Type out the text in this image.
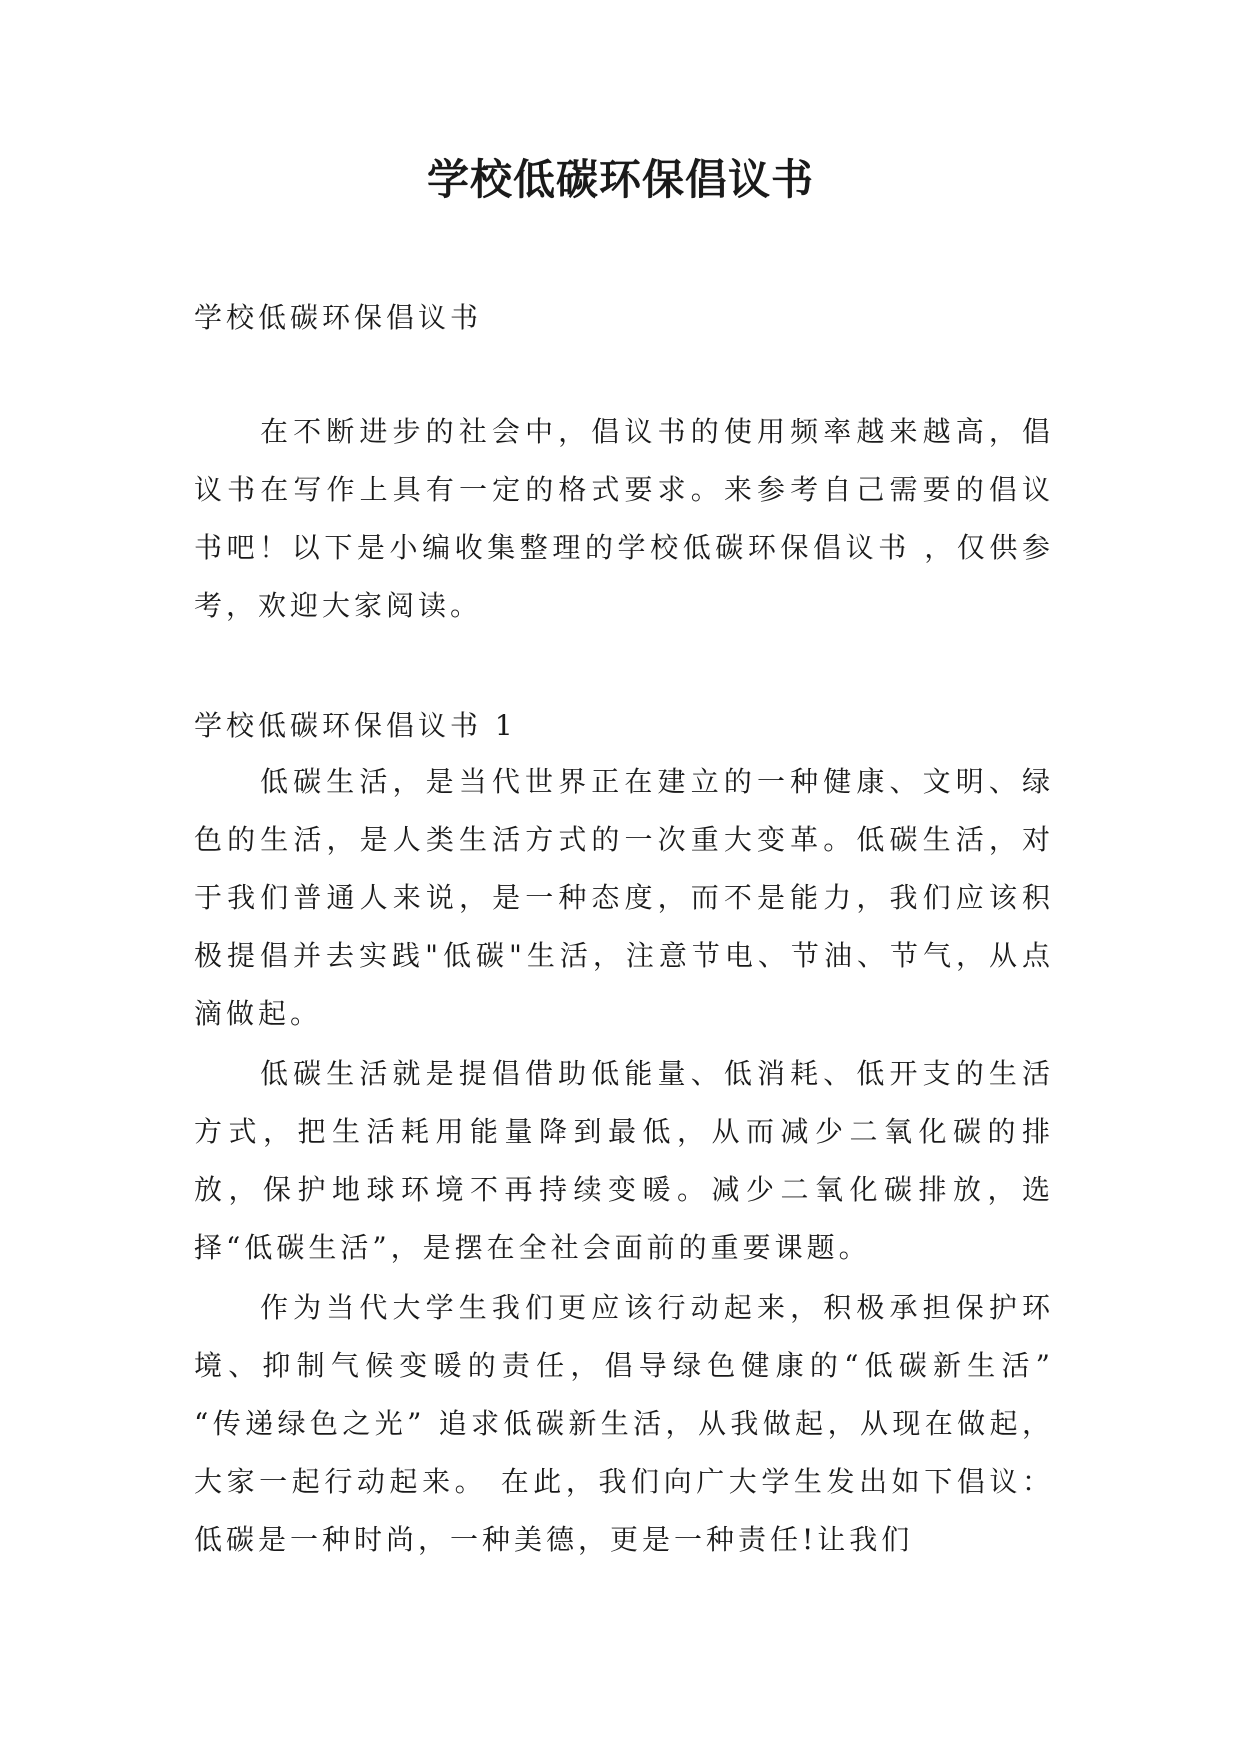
学校低碳环保倡议书

学校低碳环保倡议书

在不断进步的社会中，倡议书的使用频率越来越高，倡议书在写作上具有一定的格式要求。来参考自己需要的倡议书吧！以下是小编收集整理的学校低碳环保倡议书 ，仅供参考，欢迎大家阅读。

学校低碳环保倡议书 1

低碳生活，是当代世界正在建立的一种健康、文明、绿色的生活，是人类生活方式的一次重大变革。低碳生活，对于我们普通人来说，是一种态度，而不是能力，我们应该积极提倡并去实践"低碳"生活，注意节电、节油、节气，从点滴做起。

低碳生活就是提倡借助低能量、低消耗、低开支的生活方式，把生活耗用能量降到最低，从而减少二氧化碳的排放，保护地球环境不再持续变暖。减少二氧化碳排放，选择“低碳生活”，是摆在全社会面前的重要课题。

作为当代大学生我们更应该行动起来，积极承担保护环境、抑制气候变暖的责任，倡导绿色健康的“低碳新生活” “传递绿色之光” 追求低碳新生活，从我做起，从现在做起，大家一起行动起来。 在此，我们向广大学生发出如下倡议：低碳是一种时尚，一种美德，更是一种责任!让我们
